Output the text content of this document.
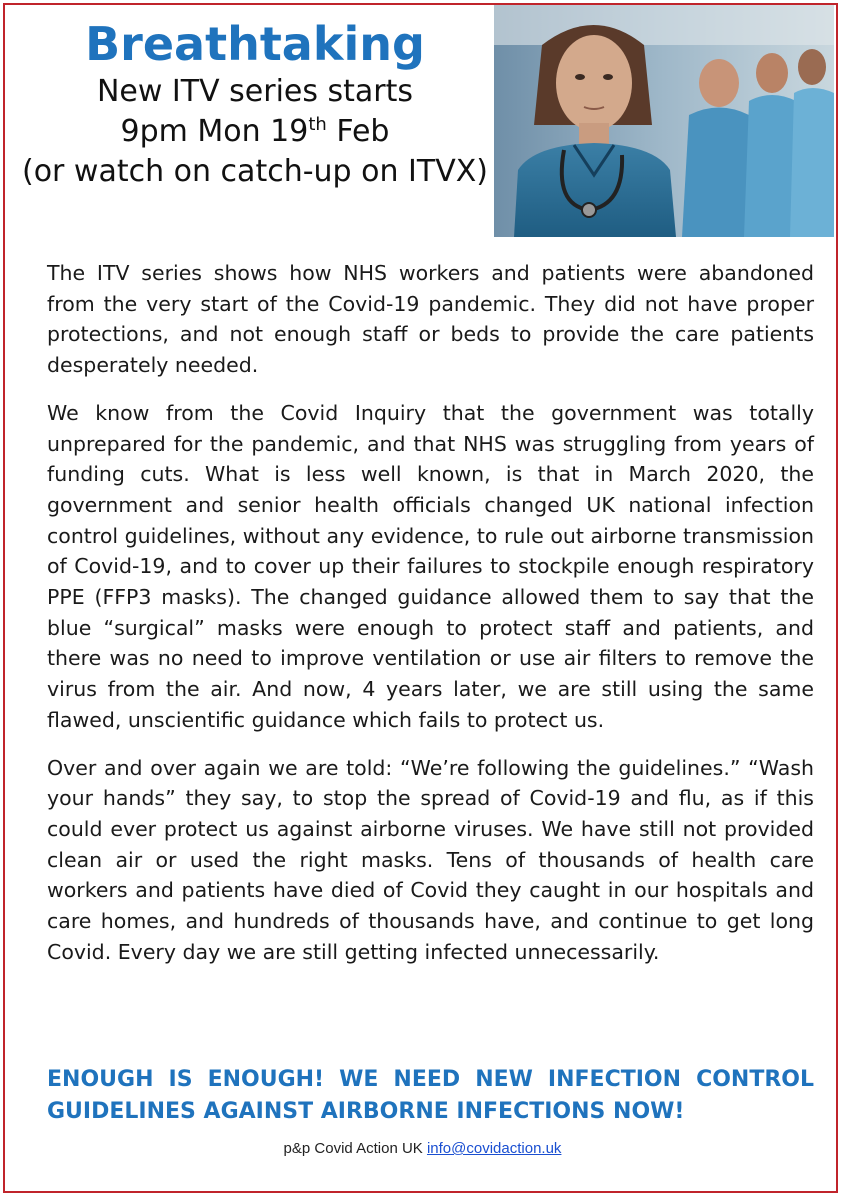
Breathtaking
New ITV series starts
9pm Mon 19th Feb
(or watch on catch-up on ITVX)

The ITV series shows how NHS workers and patients were abandoned from the very start of the Covid-19 pandemic. They did not have proper protections, and not enough staff or beds to provide the care patients desperately needed.

We know from the Covid Inquiry that the government was totally unprepared for the pandemic, and that NHS was struggling from years of funding cuts. What is less well known, is that in March 2020, the government and senior health officials changed UK national infection control guidelines, without any evidence, to rule out airborne transmission of Covid-19, and to cover up their failures to stockpile enough respiratory PPE (FFP3 masks). The changed guidance allowed them to say that the blue “surgical” masks were enough to protect staff and patients, and there was no need to improve ventilation or use air filters to remove the virus from the air. And now, 4 years later, we are still using the same flawed, unscientific guidance which fails to protect us.

Over and over again we are told: “We’re following the guidelines.” “Wash your hands” they say, to stop the spread of Covid-19 and flu, as if this could ever protect us against airborne viruses. We have still not provided clean air or used the right masks. Tens of thousands of health care workers and patients have died of Covid they caught in our hospitals and care homes, and hundreds of thousands have, and continue to get long Covid. Every day we are still getting infected unnecessarily.

ENOUGH IS ENOUGH! WE NEED NEW INFECTION CONTROL GUIDELINES AGAINST AIRBORNE INFECTIONS NOW!
p&p Covid Action UK info@covidaction.uk
